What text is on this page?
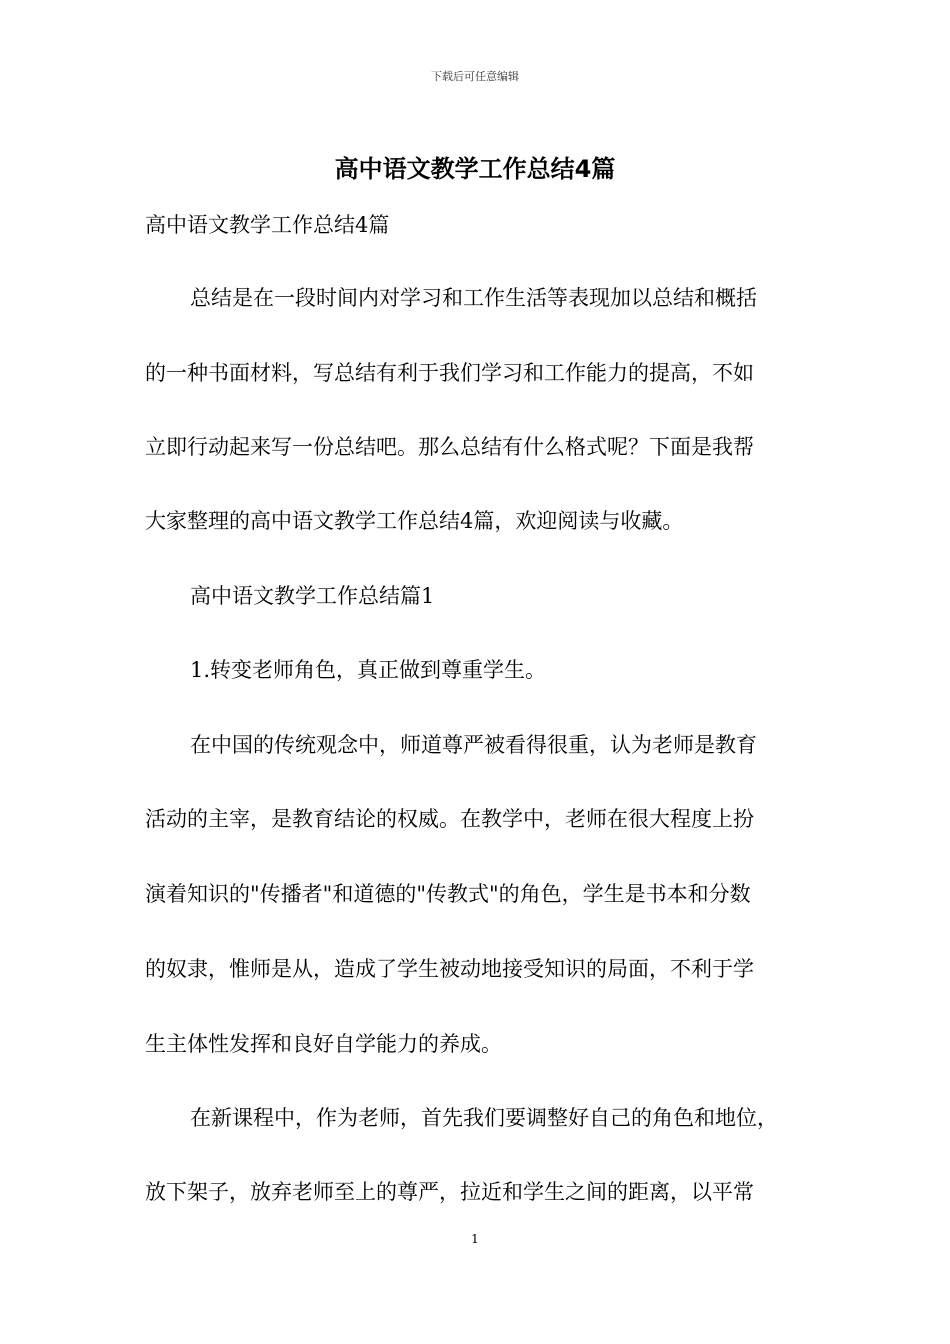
下载后可任意编辑
高中语文教学工作总结4篇

高中语文教学工作总结4篇

总结是在一段时间内对学习和工作生活等表现加以总结和概括

的一种书面材料，写总结有利于我们学习和工作能力的提高，不如

立即行动起来写一份总结吧。那么总结有什么格式呢？下面是我帮

大家整理的高中语文教学工作总结4篇，欢迎阅读与收藏。

高中语文教学工作总结篇1

1.转变老师角色，真正做到尊重学生。

在中国的传统观念中，师道尊严被看得很重，认为老师是教育

活动的主宰，是教育结论的权威。在教学中，老师在很大程度上扮

演着知识的"传播者"和道德的"传教式"的角色，学生是书本和分数

的奴隶，惟师是从，造成了学生被动地接受知识的局面，不利于学

生主体性发挥和良好自学能力的养成。

在新课程中，作为老师，首先我们要调整好自己的角色和地位，

放下架子，放弃老师至上的尊严，拉近和学生之间的距离，以平常

1
